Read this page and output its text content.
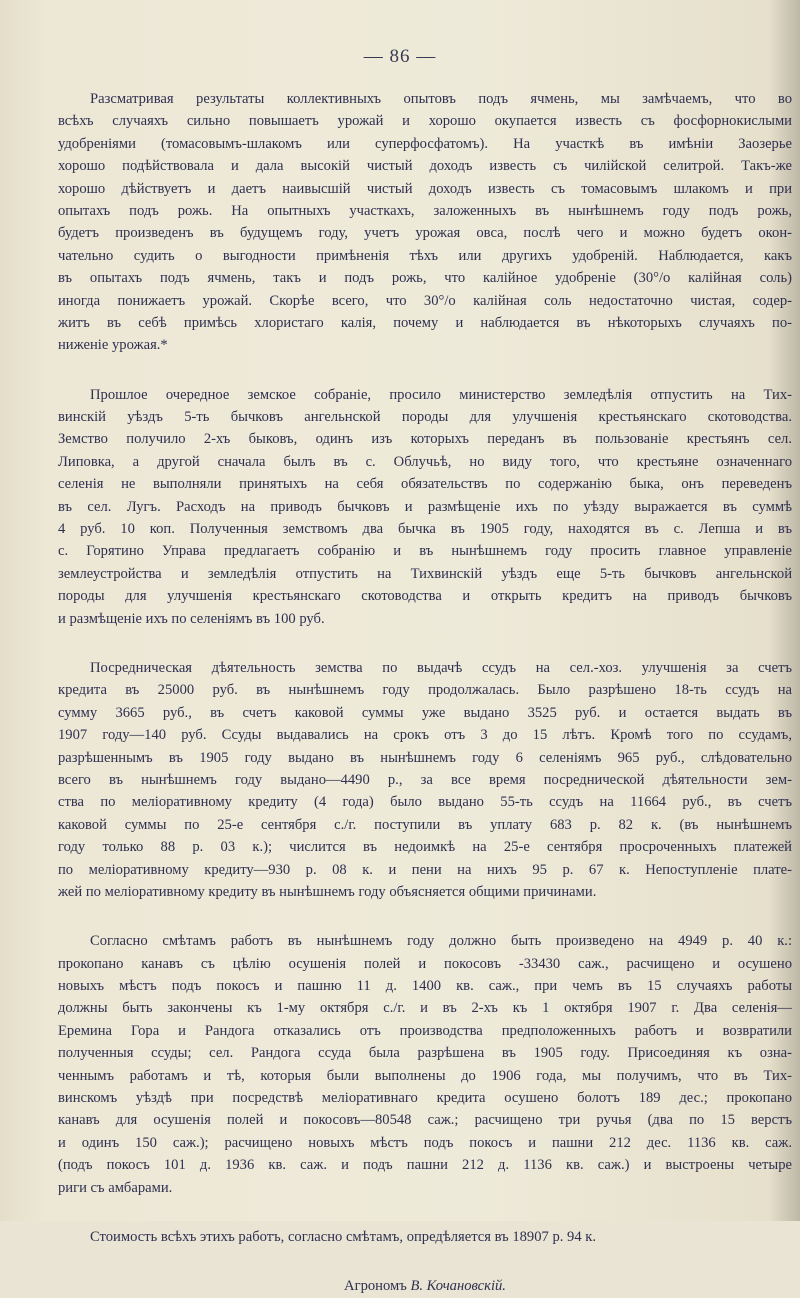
— 86 —
Разсматривая результаты коллективныхъ опытовъ подъ ячмень, мы замѣчаемъ, что во
всѣхъ случаяхъ сильно повышаетъ урожай и хорошо окупается известь съ фосфорнокислыми
удобреніями (томасовымъ-шлакомъ или суперфосфатомъ). На участкѣ въ имѣніи Заозерье
хорошо подѣйствовала и дала высокій чистый доходъ известь съ чилійской селитрой. Такъ-же
хорошо дѣйствуетъ и даетъ наивысшій чистый доходъ известь съ томасовымъ шлакомъ и при
опытахъ подъ рожь. На опытныхъ участкахъ, заложенныхъ въ нынѣшнемъ году подъ рожь,
будетъ произведенъ въ будущемъ году, учетъ урожая овса, послѣ чего и можно будетъ окон-
чательно судить о выгодности примѣненія тѣхъ или другихъ удобреній. Наблюдается, какъ
въ опытахъ подъ ячмень, такъ и подъ рожь, что калійное удобреніе (30°/о калійная соль)
иногда понижаетъ урожай. Скорѣе всего, что 30°/о калійная соль недостаточно чистая, содер-
житъ въ себѣ примѣсь хлористаго калія, почему и наблюдается въ нѣкоторыхъ случаяхъ по-
ниженіе урожая.*
Прошлое очередное земское собраніе, просило министерство земледѣлія отпустить на Тих-
винскій уѣздъ 5-ть бычковъ ангельнской породы для улучшенія крестьянскаго скотоводства.
Земство получило 2-хъ быковъ, одинъ изъ которыхъ переданъ въ пользованіе крестьянъ сел.
Липовка, а другой сначала былъ въ с. Облучьѣ, но виду того, что крестьяне означеннаго
селенія не выполняли принятыхъ на себя обязательствъ по содержанію быка, онъ переведенъ
въ сел. Лугъ. Расходъ на приводъ бычковъ и размѣщеніе ихъ по уѣзду выражается въ суммѣ
4 руб. 10 коп. Полученныя земствомъ два бычка въ 1905 году, находятся въ с. Лепша и въ
с. Горятино Управа предлагаетъ собранію и въ нынѣшнемъ году просить главное управленіе
землеустройства и земледѣлія отпустить на Тихвинскій уѣздъ еще 5-ть бычковъ ангельнской
породы для улучшенія крестьянскаго скотоводства и открыть кредитъ на приводъ бычковъ
и размѣщеніе ихъ по селеніямъ въ 100 руб.
Посредническая дѣятельность земства по выдачѣ ссудъ на сел.-хоз. улучшенія за счетъ
кредита въ 25000 руб. въ нынѣшнемъ году продолжалась. Было разрѣшено 18-ть ссудъ на
сумму 3665 руб., въ счетъ каковой суммы уже выдано 3525 руб. и остается выдать въ
1907 году—140 руб. Ссуды выдавались на срокъ отъ 3 до 15 лѣтъ. Кромѣ того по ссудамъ,
разрѣшеннымъ въ 1905 году выдано въ нынѣшнемъ году 6 селеніямъ 965 руб., слѣдовательно
всего въ нынѣшнемъ году выдано—4490 р., за все время посреднической дѣятельности зем-
ства по меліоративному кредиту (4 года) было выдано 55-ть ссудъ на 11664 руб., въ счетъ
каковой суммы по 25-е сентября с./г. поступили въ уплату 683 р. 82 к. (въ нынѣшнемъ
году только 88 р. 03 к.); числится въ недоимкѣ на 25-е сентября просроченныхъ платежей
по меліоративному кредиту—930 р. 08 к. и пени на нихъ 95 р. 67 к. Непоступленіе плате-
жей по меліоративному кредиту въ нынѣшнемъ году объясняется общими причинами.
Согласно смѣтамъ работъ въ нынѣшнемъ году должно быть произведено на 4949 р. 40 к.:
прокопано канавъ съ цѣлію осушенія полей и покосовъ -33430 саж., расчищено и осушено
новыхъ мѣстъ подъ покосъ и пашню 11 д. 1400 кв. саж., при чемъ въ 15 случаяхъ работы
должны быть закончены къ 1-му октября с./г. и въ 2-хъ къ 1 октября 1907 г. Два селенія—
Еремина Гора и Рандога отказались отъ производства предположенныхъ работъ и возвратили
полученныя ссуды; сел. Рандога ссуда была разрѣшена въ 1905 году. Присоединяя къ озна-
ченнымъ работамъ и тѣ, которыя были выполнены до 1906 года, мы получимъ, что въ Тих-
винскомъ уѣздѣ при посредствѣ меліоративнаго кредита осушено болотъ 189 дес.; прокопано
канавъ для осушенія полей и покосовъ—80548 саж.; расчищено три ручья (два по 15 верстъ
и одинъ 150 саж.); расчищено новыхъ мѣстъ подъ покосъ и пашни 212 дес. 1136 кв. саж.
(подъ покосъ 101 д. 1936 кв. саж. и подъ пашни 212 д. 1136 кв. саж.) и выстроены четыре
риги съ амбарами.
Стоимость всѣхъ этихъ работъ, согласно смѣтамъ, опредѣляется въ 18907 р. 94 к.
Агрономъ В. Кочановскій.
